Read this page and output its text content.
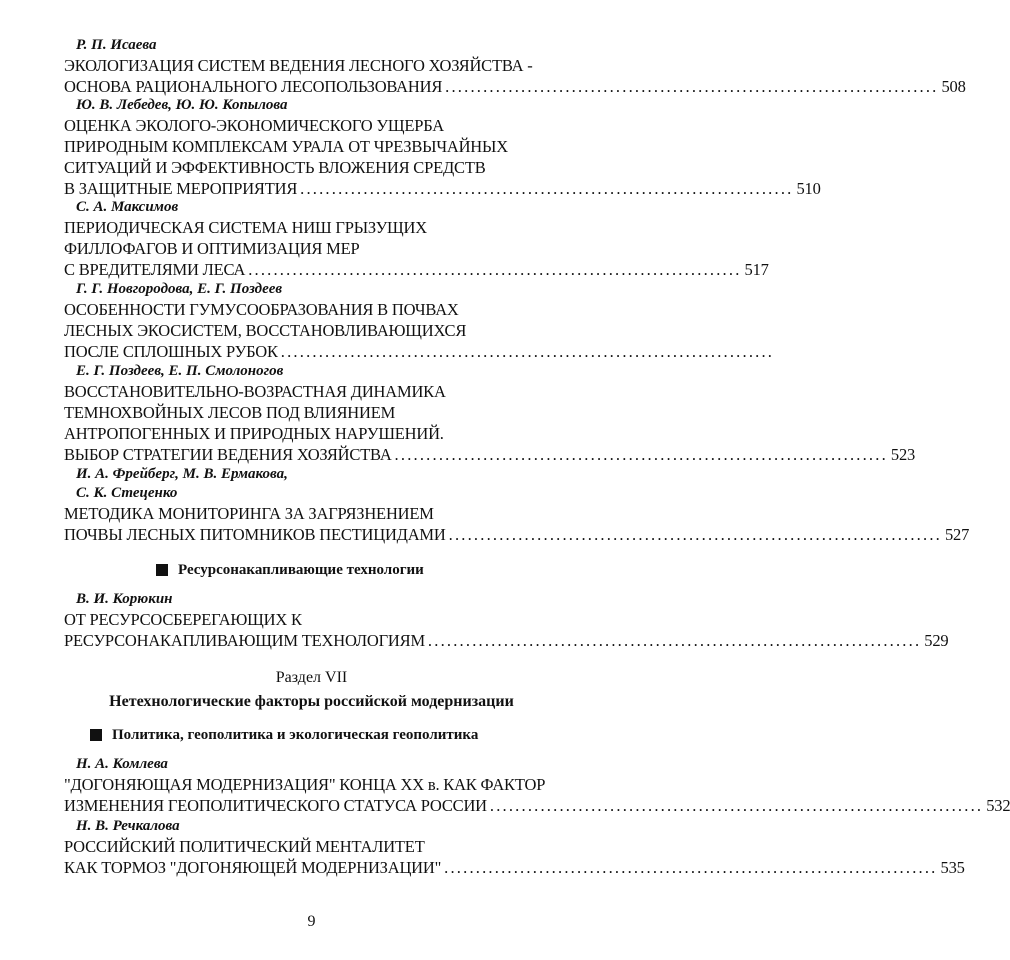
Р. П. Исаева
ЭКОЛОГИЗАЦИЯ СИСТЕМ ВЕДЕНИЯ ЛЕСНОГО ХОЗЯЙСТВА -
ОСНОВА РАЦИОНАЛЬНОГО ЛЕСОПОЛЬЗОВАНИЯ .............................................................................. 508
Ю. В. Лебедев, Ю. Ю. Копылова
ОЦЕНКА ЭКОЛОГО-ЭКОНОМИЧЕСКОГО УЩЕРБА
ПРИРОДНЫМ КОМПЛЕКСАМ УРАЛА ОТ ЧРЕЗВЫЧАЙНЫХ
СИТУАЦИЙ И ЭФФЕКТИВНОСТЬ ВЛОЖЕНИЯ СРЕДСТВ
В ЗАЩИТНЫЕ МЕРОПРИЯТИЯ .............................................................................. 510
С. А. Максимов
ПЕРИОДИЧЕСКАЯ СИСТЕМА НИШ ГРЫЗУЩИХ
ФИЛЛОФАГОВ И ОПТИМИЗАЦИЯ МЕР
С ВРЕДИТЕЛЯМИ ЛЕСА .............................................................................. 517
Г. Г. Новгородова, Е. Г. Поздеев
ОСОБЕННОСТИ ГУМУСООБРАЗОВАНИЯ В ПОЧВАХ
ЛЕСНЫХ ЭКОСИСТЕМ, ВОССТАНОВЛИВАЮЩИХСЯ
ПОСЛЕ СПЛОШНЫХ РУБОК ..............................................................................
Е. Г. Поздеев, Е. П. Смолоногов
ВОССТАНОВИТЕЛЬНО-ВОЗРАСТНАЯ ДИНАМИКА
ТЕМНОХВОЙНЫХ ЛЕСОВ ПОД ВЛИЯНИЕМ
АНТРОПОГЕННЫХ И ПРИРОДНЫХ НАРУШЕНИЙ.
ВЫБОР СТРАТЕГИИ ВЕДЕНИЯ ХОЗЯЙСТВА .............................................................................. 523
И. А. Фрейберг, М. В. Ермакова,
С. К. Стеценко
МЕТОДИКА МОНИТОРИНГА ЗА ЗАГРЯЗНЕНИЕМ
ПОЧВЫ ЛЕСНЫХ ПИТОМНИКОВ ПЕСТИЦИДАМИ .............................................................................. 527
Ресурсонакапливающие технологии
В. И. Корюкин
ОТ РЕСУРСОСБЕРЕГАЮЩИХ К
РЕСУРСОНАКАПЛИВАЮЩИМ ТЕХНОЛОГИЯМ .............................................................................. 529
Раздел VII
Нетехнологические факторы российской модернизации
Политика, геополитика и экологическая геополитика
Н. А. Комлева
"ДОГОНЯЮЩАЯ МОДЕРНИЗАЦИЯ" КОНЦА XX в. КАК ФАКТОР
ИЗМЕНЕНИЯ ГЕОПОЛИТИЧЕСКОГО СТАТУСА РОССИИ .............................................................................. 532
Н. В. Речкалова
РОССИЙСКИЙ ПОЛИТИЧЕСКИЙ МЕНТАЛИТЕТ
КАК ТОРМОЗ "ДОГОНЯЮЩЕЙ МОДЕРНИЗАЦИИ" .............................................................................. 535
9
